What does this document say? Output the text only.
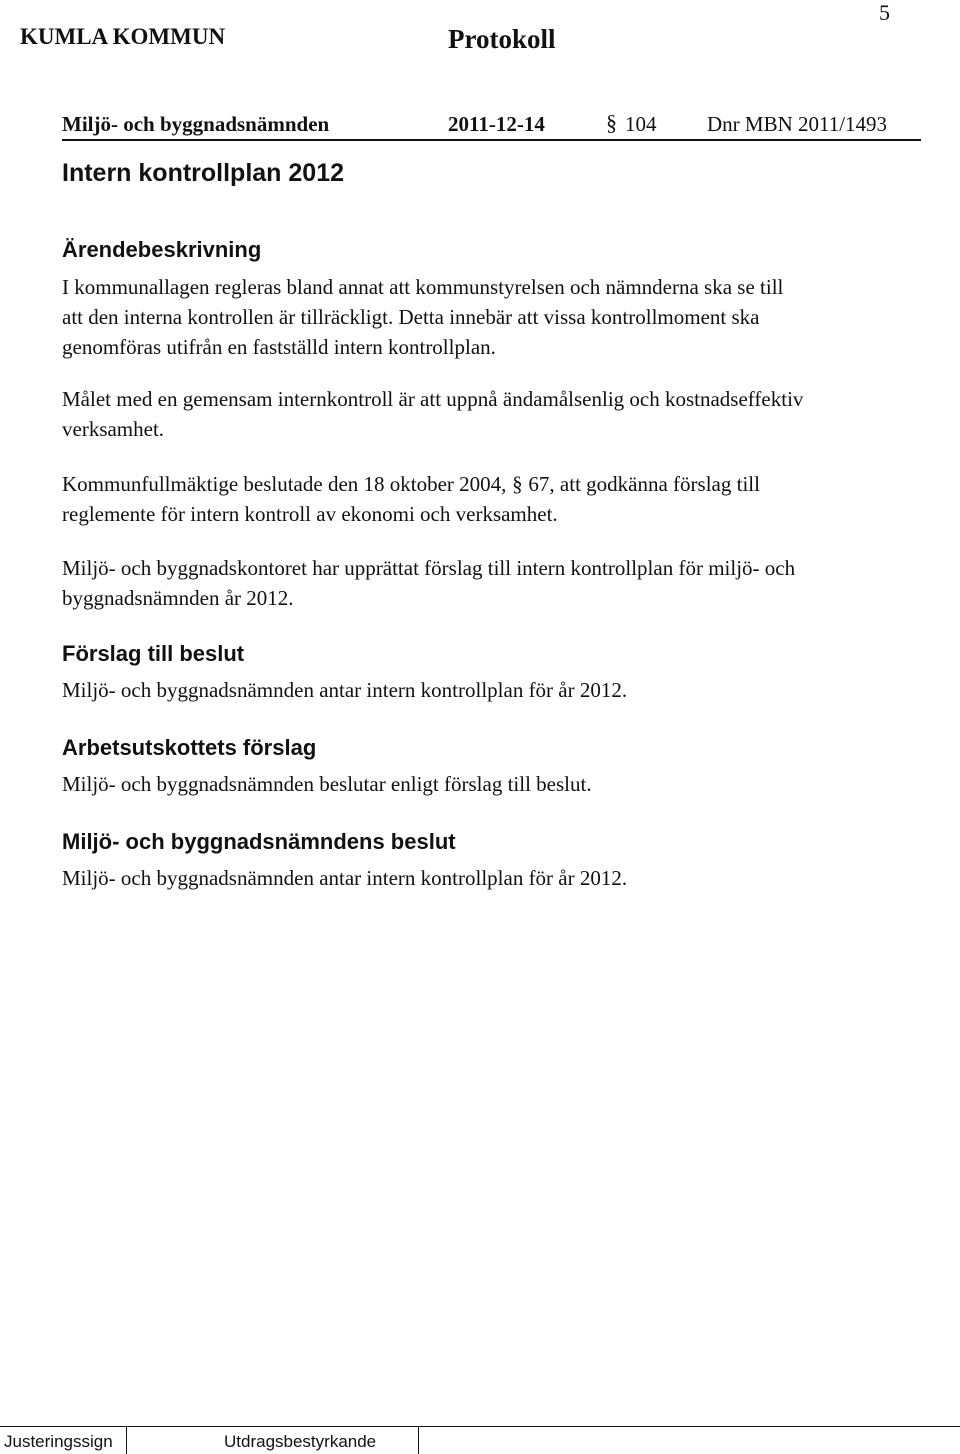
KUMLA KOMMUN	Protokoll
5
Miljö- och byggnadsnämnden	2011-12-14	§ 104 Dnr MBN 2011/1493
Intern kontrollplan 2012
Ärendebeskrivning
I kommunallagen regleras bland annat att kommunstyrelsen och nämnderna ska se till
att den interna kontrollen är tillräckligt. Detta innebär att vissa kontrollmoment ska
genomföras utifrån en fastställd intern kontrollplan.
Målet med en gemensam internkontroll är att uppnå ändamålsenlig och kostnadseffektiv
verksamhet.
Kommunfullmäktige beslutade den 18 oktober 2004, § 67, att godkänna förslag till
reglemente för intern kontroll av ekonomi och verksamhet.
Miljö- och byggnadskontoret har upprättat förslag till intern kontrollplan för miljö- och
byggnadsnämnden år 2012.
Förslag till beslut
Miljö- och byggnadsnämnden antar intern kontrollplan för år 2012.
Arbetsutskottets förslag
Miljö- och byggnadsnämnden beslutar enligt förslag till beslut.
Miljö- och byggnadsnämndens beslut
Miljö- och byggnadsnämnden antar intern kontrollplan för år 2012.
Justeringssign	Utdragsbestyrkande
